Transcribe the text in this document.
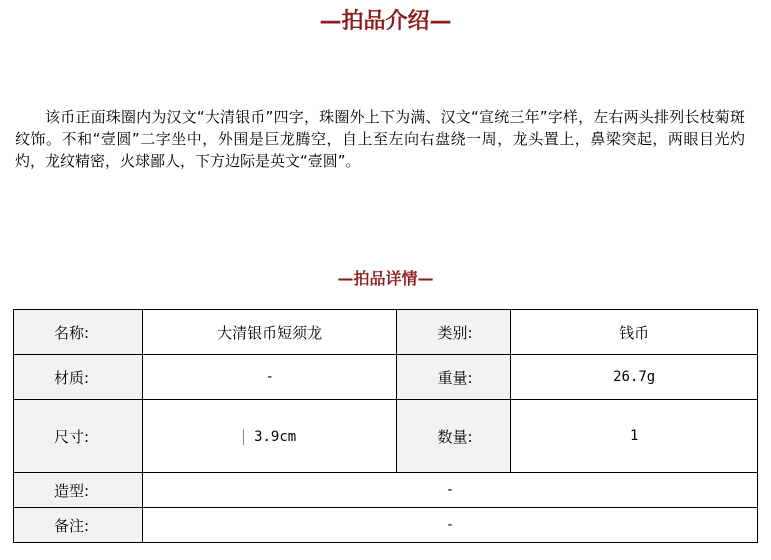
—拍品介绍—

该币正面珠圈内为汉文“大清银币”四字，珠圈外上下为满、汉文“宣统三年”字样，左右两头排列长枝菊斑纹饰。不和“壹圆”二字坐中，外围是巨龙腾空，自上至左向右盘绕一周，龙头置上，鼻梁突起，两眼目光灼灼，龙纹精密，火球鄙人，下方边际是英文“壹圆”。

—拍品详情—
名称:	大清银币短须龙	类别:	钱币
材质:	-	重量:	26.7g
尺寸:	3.9cm	数量:	1
造型:	-		
备注:	-		
